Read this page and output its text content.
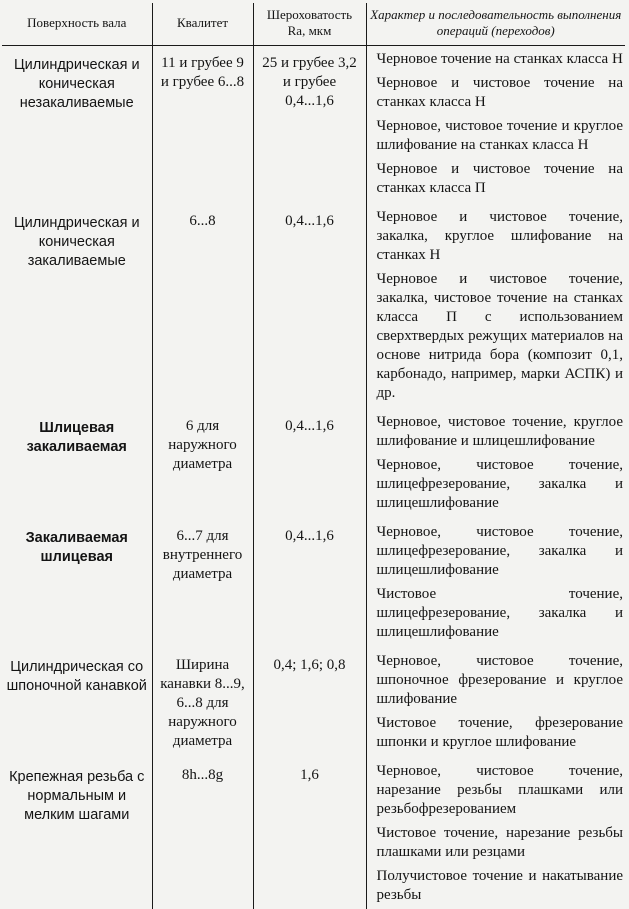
Поверхность вала	Квалитет	Шероховатость Ra, мкм	Характер и последовательность выполнения операций (переходов)

Цилиндрическая и коническая незакаливаемые	11 и грубее 9 и грубее 6...8	25 и грубее 3,2 и грубее 0,4...1,6	Черновое точение на станках класса Н

Черновое и чистовое точение на станках класса Н

Черновое, чистовое точение и круглое шлифование на станках класса Н

Черновое и чистовое точение на станках класса П

Цилиндрическая и коническая закаливаемые	6...8	0,4...1,6	Черновое и чистовое точение, закалка, круглое шлифование на станках Н

Черновое и чистовое точение, закалка, чистовое точение на станках класса П с использованием сверхтвердых режущих материалов на основе нитрида бора (композит 0,1, карбонадо, например, марки АСПК) и др.

Шлицевая закаливаемая	6 для наружного диаметра	0,4...1,6	Черновое, чистовое точение, круглое шлифование и шлицешлифование

Черновое, чистовое точение, шлицефрезерование, закалка и шлицешлифование

Закаливаемая шлицевая	6...7 для внутреннего диаметра	0,4...1,6	Черновое, чистовое точение, шлицефрезерование, закалка и шлицешлифование

Чистовое точение, шлицефрезерование, закалка и шлицешлифование

Цилиндрическая со шпоночной канавкой	Ширина канавки 8...9, 6...8 для наружного диаметра	0,4; 1,6; 0,8	Черновое, чистовое точение, шпоночное фрезерование и круглое шлифование

Чистовое точение, фрезерование шпонки и круглое шлифование

Крепежная резьба с нормальным и мелким шагами	8h...8g	1,6	Черновое, чистовое точение, нарезание резьбы плашками или резьбофрезерованием

Чистовое точение, нарезание резьбы плашками или резцами

Получистовое точение и накатывание резьбы
